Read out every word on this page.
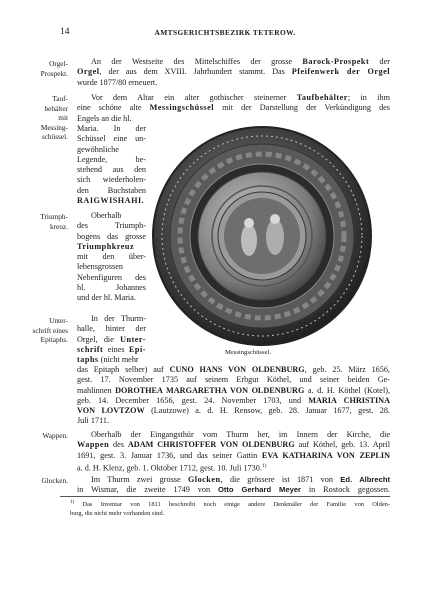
14	AMTSGERICHTSBEZIRK TETEROW.
Orgel-
Prospekt.
Tauf-
behälter
mit
Messing-
schüssel.
Triumph-
kreuz.
Unter-
schrift eines
Epitaphs.
Wappen.
Glocken.
An der Westseite des Mittelschiffes der grosse Barock-Prospekt der
Orgel, der aus dem XVIII. Jahrhundert stammt. Das Pfeifenwerk der Orgel
wurde 1877/80 erneuert.
Vor dem Altar ein alter gothischer steinerner Taufbehälter; in ihm
eine schöne alte Messingschüssel mit der Darstellung der Verkündigung des
Engels an die hl.
Maria. In der
Schüssel eine un-
gewöhnliche
Legende, be-
stehend aus den
sich wiederholen-
den Buchstaben
RAIGWISHAHI.
Oberhalb
des Triumph-
bogens das grosse
Triumphkreuz
mit den über-
lebensgrossen
Nebenfiguren des
hl. Johannes
und der hl. Maria.
In der Thurm-
halle, hinter der
Orgel, die Unter-
schrift eines Epi-
taphs (nicht mehr
das Epitaph selber) auf CUNO HANS VON OLDENBURG, geb. 25. März 1656,
gest. 17. November 1735 auf seinem Erbgut Köthel, und seiner beiden Ge-
mahlinnen DOROTHEA MARGARETHA VON OLDENBURG a. d. H. Köthel (Kotel),
geb. 14. December 1656, gest. 24. November 1703, und MARIA CHRISTINA
VON LOVTZOW (Lautzowe) a. d. H. Rensow, geb. 28. Januar 1677, gest. 28.
Juli 1711.
Oberhalb der Eingangsthür vom Thurm her, im Innern der Kirche, die
Wappen des ADAM CHRISTOFFER VON OLDENBURG auf Köthel, geb. 13. April
1691, gest. 3. Januar 1736, und das seiner Gattin EVA KATHARINA VON ZEPLIN
a. d. H. Klenz, geb. 1. Oktober 1712, gest. 10. Juli 1730.$^{1)}$
Im Thurm zwei grosse Glocken, die grössere ist 1871 von Ed. Albrecht
in Wismar, die zweite 1749 von Otto Gerhard Meyer in Rostock gegossen.
Messingschüssel.
$^{1)}$ Das Inventar von 1811 beschreibt noch einige andere Denkmäler der Familie von Olden-
burg, die nicht mehr vorhanden sind.
